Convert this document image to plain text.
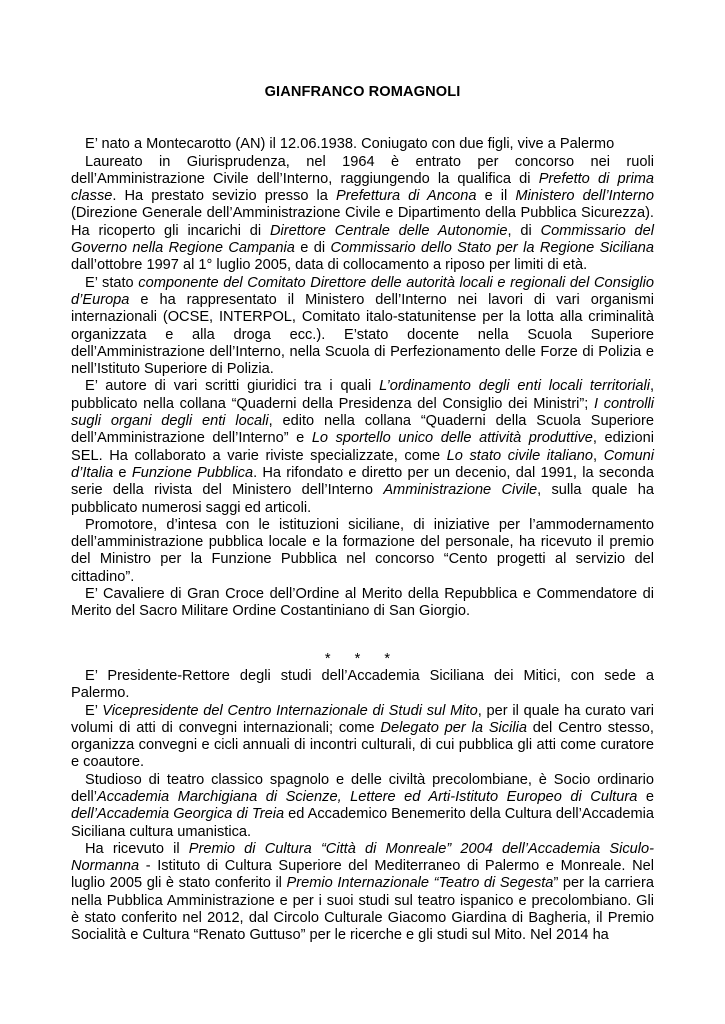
GIANFRANCO ROMAGNOLI

E’ nato a Montecarotto (AN) il 12.06.1938. Coniugato con due figli, vive a Palermo

Laureato in Giurisprudenza, nel 1964 è entrato per concorso nei ruoli dell’Amministrazione Civile dell’Interno, raggiungendo la qualifica di Prefetto di prima classe. Ha prestato sevizio presso la Prefettura di Ancona e il Ministero dell’Interno (Direzione Generale dell’Amministrazione Civile e Dipartimento della Pubblica Sicurezza). Ha ricoperto gli incarichi di Direttore Centrale delle Autonomie, di Commissario del Governo nella Regione Campania e di Commissario dello Stato per la Regione Siciliana dall’ottobre 1997 al 1° luglio 2005, data di collocamento a riposo per limiti di età.

E’ stato componente del Comitato Direttore delle autorità locali e regionali del Consiglio d’Europa e ha rappresentato il Ministero dell’Interno nei lavori di vari organismi internazionali (OCSE, INTERPOL, Comitato italo-statunitense per la lotta alla criminalità organizzata e alla droga ecc.). E’stato docente nella Scuola Superiore dell’Amministrazione dell’Interno, nella Scuola di Perfezionamento delle Forze di Polizia e nell’Istituto Superiore di Polizia.

E’ autore di vari scritti giuridici tra i quali L’ordinamento degli enti locali territoriali, pubblicato nella collana “Quaderni della Presidenza del Consiglio dei Ministri”; I controlli sugli organi degli enti locali, edito nella collana “Quaderni della Scuola Superiore dell’Amministrazione dell’Interno” e Lo sportello unico delle attività produttive, edizioni SEL. Ha collaborato a varie riviste specializzate, come Lo stato civile italiano, Comuni d’Italia e Funzione Pubblica. Ha rifondato e diretto per un decenio, dal 1991, la seconda serie della rivista del Ministero dell’Interno Amministrazione Civile, sulla quale ha pubblicato numerosi saggi ed articoli.

Promotore, d’intesa con le istituzioni siciliane, di iniziative per l’ammodernamento dell’amministrazione pubblica locale e la formazione del personale, ha ricevuto il premio del Ministro per la Funzione Pubblica nel concorso “Cento progetti al servizio del cittadino”.

E’ Cavaliere di Gran Croce dell’Ordine al Merito della Repubblica e Commendatore di Merito del Sacro Militare Ordine Costantiniano di San Giorgio.

* * *

E’ Presidente-Rettore degli studi dell’Accademia Siciliana dei Mitici, con sede a Palermo.

E’ Vicepresidente del Centro Internazionale di Studi sul Mito, per il quale ha curato vari volumi di atti di convegni internazionali; come Delegato per la Sicilia del Centro stesso, organizza convegni e cicli annuali di incontri culturali, di cui pubblica gli atti come curatore e coautore.

Studioso di teatro classico spagnolo e delle civiltà precolombiane, è Socio ordinario dell’Accademia Marchigiana di Scienze, Lettere ed Arti-Istituto Europeo di Cultura e dell’Accademia Georgica di Treia ed Accademico Benemerito della Cultura dell’Accademia Siciliana cultura umanistica.

Ha ricevuto il Premio di Cultura “Città di Monreale” 2004 dell’Accademia Siculo-Normanna - Istituto di Cultura Superiore del Mediterraneo di Palermo e Monreale. Nel luglio 2005 gli è stato conferito il Premio Internazionale “Teatro di Segesta” per la carriera nella Pubblica Amministrazione e per i suoi studi sul teatro ispanico e precolombiano. Gli è stato conferito nel 2012, dal Circolo Culturale Giacomo Giardina di Bagheria, il Premio Socialità e Cultura “Renato Guttuso” per le ricerche e gli studi sul Mito. Nel 2014 ha
